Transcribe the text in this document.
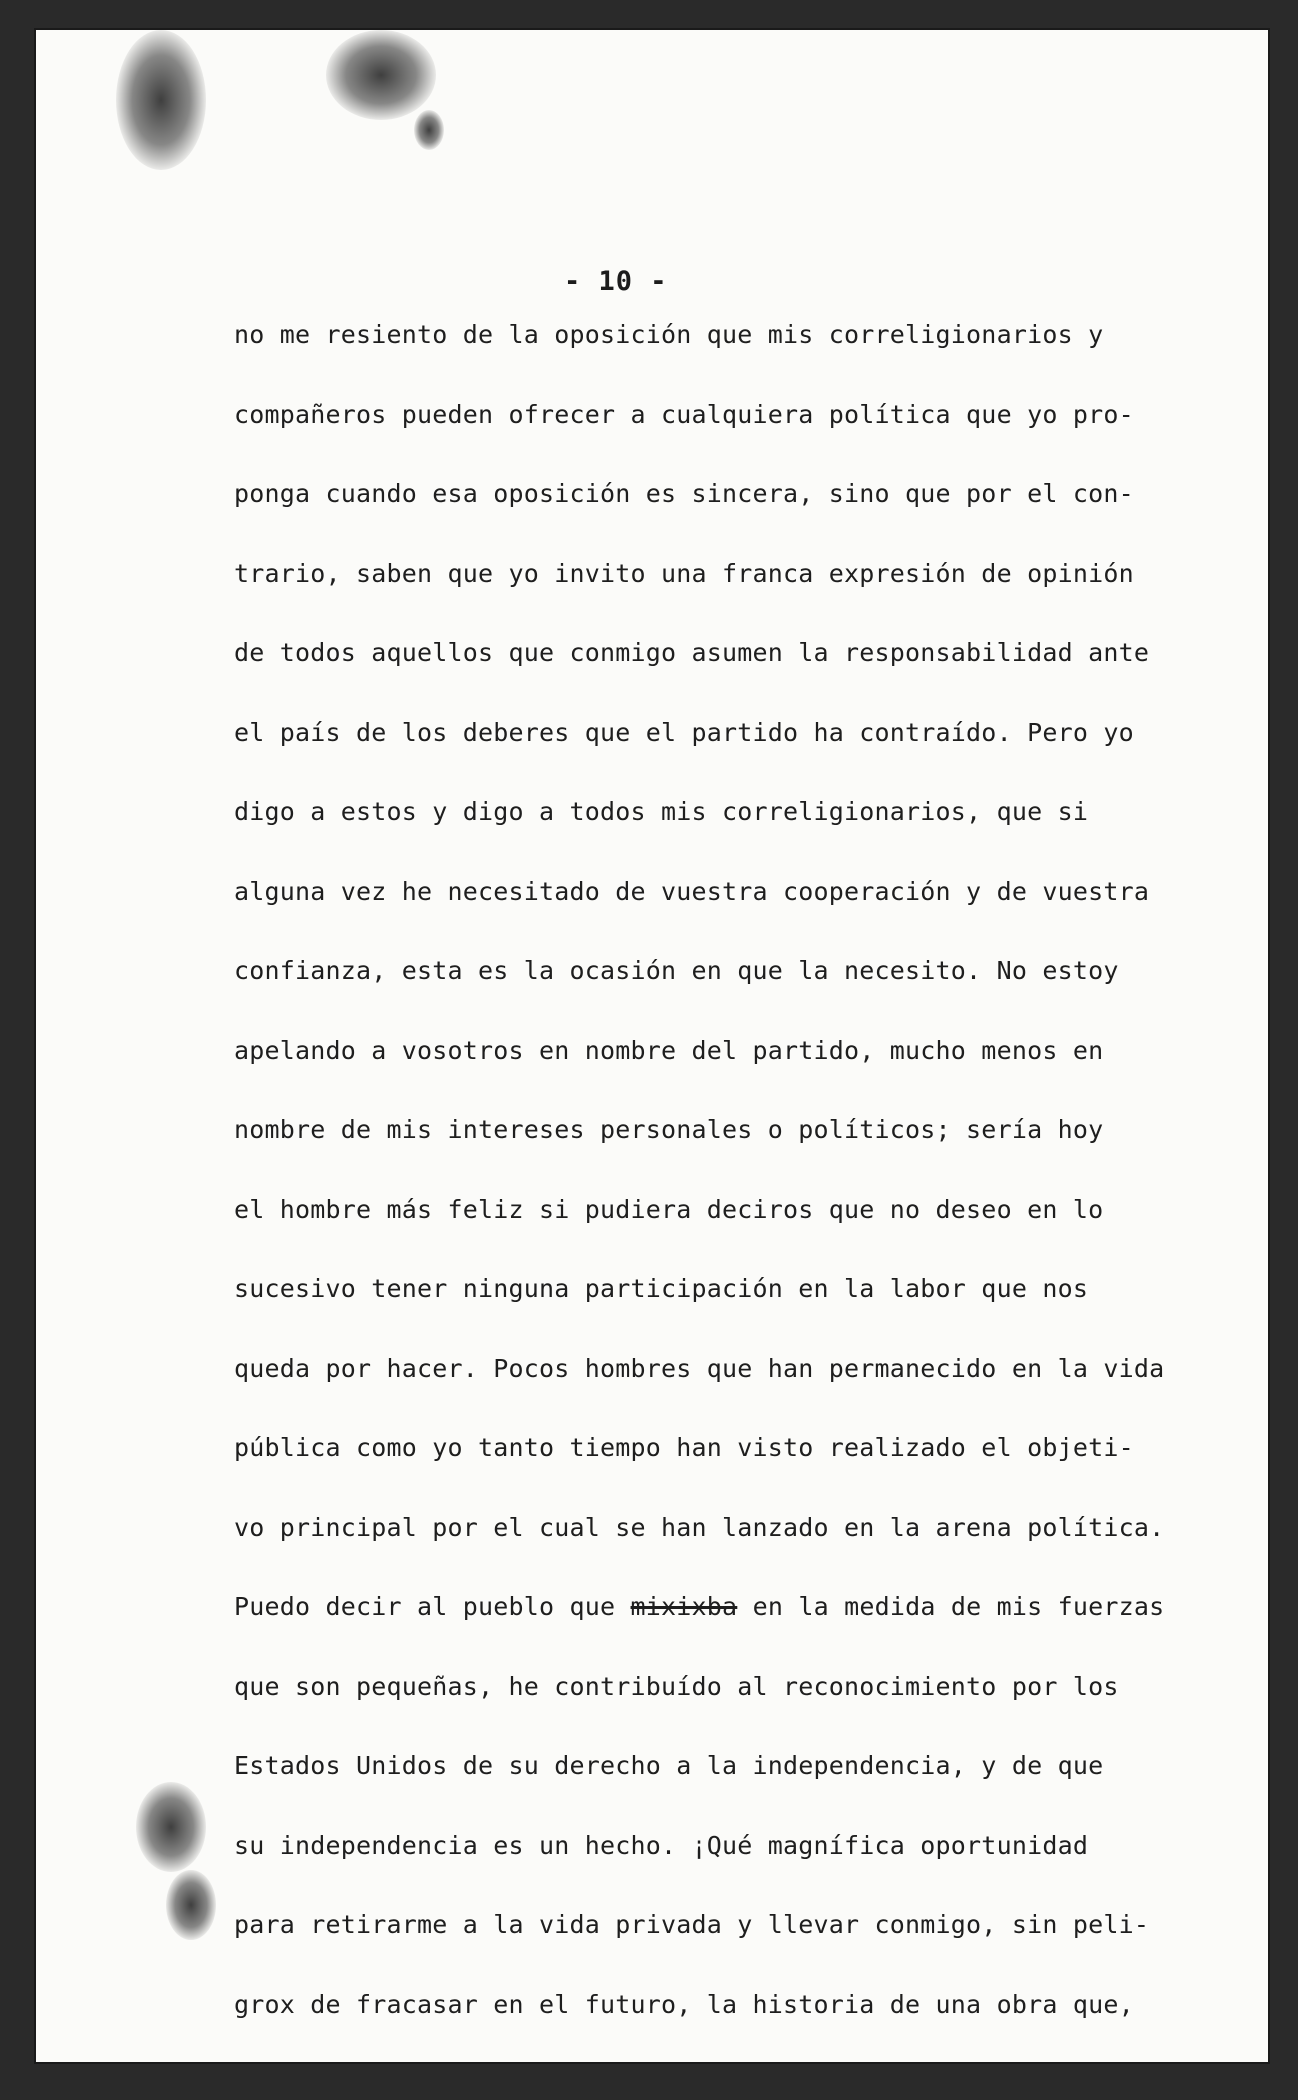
- 10 -
no me resiento de la oposición que mis correligionarios y
compañeros pueden ofrecer a cualquiera política que yo pro-
ponga cuando esa oposición es sincera, sino que por el con-
trario, saben que yo invito una franca expresión de opinión
de todos aquellos que conmigo asumen la responsabilidad ante
el país de los deberes que el partido ha contraído. Pero yo
digo a estos y digo a todos mis correligionarios, que si
alguna vez he necesitado de vuestra cooperación y de vuestra
confianza, esta es la ocasión en que la necesito. No estoy
apelando a vosotros en nombre del partido, mucho menos en
nombre de mis intereses personales o políticos; sería hoy
el hombre más feliz si pudiera deciros que no deseo en lo
sucesivo tener ninguna participación en la labor que nos
queda por hacer. Pocos hombres que han permanecido en la vida
pública como yo tanto tiempo han visto realizado el objeti-
vo principal por el cual se han lanzado en la arena política.
Puedo decir al pueblo que mixixba en la medida de mis fuerzas
que son pequeñas, he contribuído al reconocimiento por los
Estados Unidos de su derecho a la independencia, y de que
su independencia es un hecho. ¡Qué magnífica oportunidad
para retirarme a la vida privada y llevar conmigo, sin peli-
grox de fracasar en el futuro, la historia de una obra que,
